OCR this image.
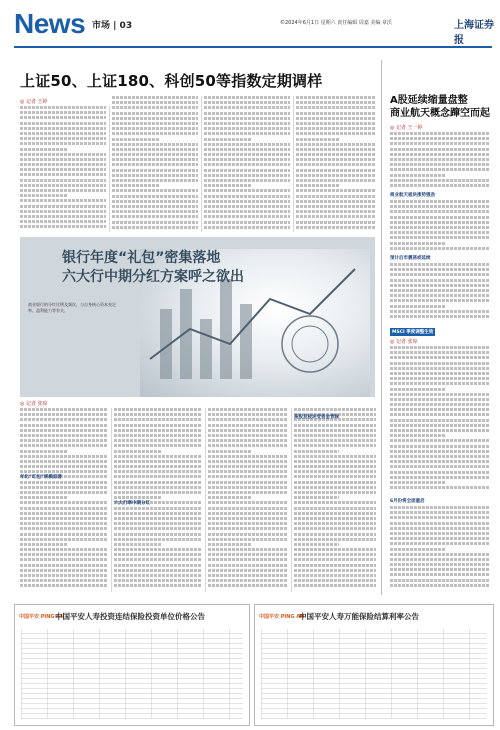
News 市场 | 03	©2024年6月1日 星期六 責任编辑 周嘉 美编 章沃	上海证券报
上证50、上证180、科创50等指数定期调样
◎ 记者 王婷
银行年度“礼包”密集落地
六大行中期分红方案呼之欲出
商业银行的分红比例及频次，与自身核心资本充足率、盈利能力等有关。
◎ 记者 张琼
年化“红包”规模显著
六大行率中期分红
高股息板块受资金青睐
A股延续缩量盘整
商业航天概念蹿空而起
◎ 记者 王一婷
商业航天板块涨势强劲
预计后市震荡或延续
MSCI 季度调整生效
◎ 记者 张琼
6月份将全面重启
中国平安 PING AN
中国平安人寿投资连结保险投资单位价格公告	中国平安 PING AN
中国平安人寿万能保险结算利率公告
